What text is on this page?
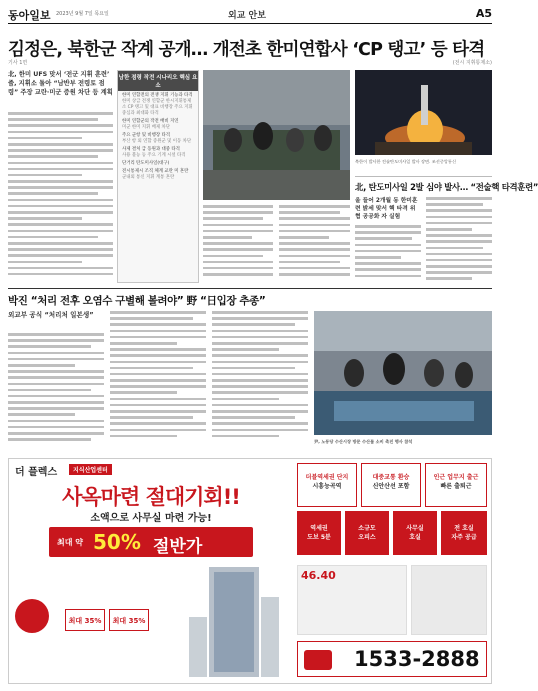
동아일보 2023년 9월 7일 목요일	외교 안보	A5
김정은, 북한군 작계 공개… 개전초 한미연합사 ‘CP 탱고’ 등 타격
기사 1면	(전시 지휘통제소)
北, 한미 UFS 맞서 ‘전군 지휘 훈련’ 줄, 지휘소 돌아 “남반부 전령토 점령” 주장 교란·미군 증원 차단 등 계획
남한 점령 작전 시나리오 핵심 요소
한미 연합전의 전쟁 지휘 기능과 타격
한미 상급 전쟁 연합군 한시지휘통제소 CP 탱고 및 대표 비행장 주요 지휘 중심과 최대화 타격
한미 연합군의 작전 배비 지연
미군 한미 지휘 배제 차단
주요 군항 및 비행장 타격
부산 항 외 연합 증원군 및 이동 차단
사제 결처 급 동원과 대중 타격
사용 불능 등 주요 기계 시설 타격
단거리 탄도미사일(대구)
전시통제시 조직 체계 교란 미 혼란
군내외 통신 지휘 계통 혼란
북한이 발사한 전술탄도미사일 발사 장면. 조선중앙통신
北, 탄도미사일 2발 심야 발사… “전술핵 타격훈련”
올 들어 2개월 동 한미훈련 밝세 맞서 핵 타격 위협 공공화 자 실험
박진 “처리 전후 오염수 구별해 볼려야” 野 “日입장 추종”
외교부 공식 “처리처 일본생”
尹, 노동당 수산시장 방문 수산물 소비 촉진 행사 참석
더 플렉스	지식산업센터
사옥마련 절대기회!!
소액으로 사무실 마련 가능!
최대 약 50% 절반가
최대 35%	최대 35%
더블역세권 단지
시흥능곡역
대중교통 환승
신안산선 포함
인근 업무지 출근
빠른 출퇴근
역세권
도보 5분
소규모
오피스
사무실
호실
전 호실
자주 공급
46.40
1533-2888
